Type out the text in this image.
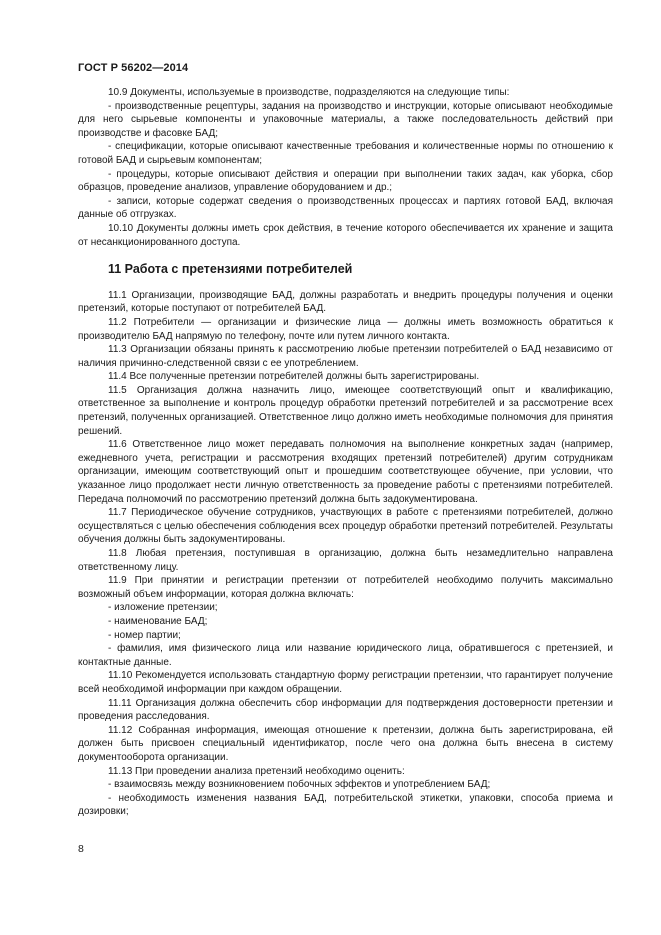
ГОСТ Р 56202—2014

10.9 Документы, используемые в производстве, подразделяются на следующие типы:

- производственные рецептуры, задания на производство и инструкции, которые описывают необходимые для него сырьевые компоненты и упаковочные материалы, а также последовательность действий при производстве и фасовке БАД;

- спецификации, которые описывают качественные требования и количественные нормы по отношению к готовой БАД и сырьевым компонентам;

- процедуры, которые описывают действия и операции при выполнении таких задач, как уборка, сбор образцов, проведение анализов, управление оборудованием и др.;

- записи, которые содержат сведения о производственных процессах и партиях готовой БАД, включая данные об отгрузках.

10.10 Документы должны иметь срок действия, в течение которого обеспечивается их хранение и защита от несанкционированного доступа.

11 Работа с претензиями потребителей

11.1 Организации, производящие БАД, должны разработать и внедрить процедуры получения и оценки претензий, которые поступают от потребителей БАД.

11.2 Потребители — организации и физические лица — должны иметь возможность обратиться к производителю БАД напрямую по телефону, почте или путем личного контакта.

11.3 Организации обязаны принять к рассмотрению любые претензии потребителей о БАД независимо от наличия причинно-следственной связи с ее употреблением.

11.4 Все полученные претензии потребителей должны быть зарегистрированы.

11.5 Организация должна назначить лицо, имеющее соответствующий опыт и квалификацию, ответственное за выполнение и контроль процедур обработки претензий потребителей и за рассмотрение всех претензий, полученных организацией. Ответственное лицо должно иметь необходимые полномочия для принятия решений.

11.6 Ответственное лицо может передавать полномочия на выполнение конкретных задач (например, ежедневного учета, регистрации и рассмотрения входящих претензий потребителей) другим сотрудникам организации, имеющим соответствующий опыт и прошедшим соответствующее обучение, при условии, что указанное лицо продолжает нести личную ответственность за проведение работы с претензиями потребителей. Передача полномочий по рассмотрению претензий должна быть задокументирована.

11.7 Периодическое обучение сотрудников, участвующих в работе с претензиями потребителей, должно осуществляться с целью обеспечения соблюдения всех процедур обработки претензий потребителей. Результаты обучения должны быть задокументированы.

11.8 Любая претензия, поступившая в организацию, должна быть незамедлительно направлена ответственному лицу.

11.9 При принятии и регистрации претензии от потребителей необходимо получить максимально возможный объем информации, которая должна включать:

- изложение претензии;

- наименование БАД;

- номер партии;

- фамилия, имя физического лица или название юридического лица, обратившегося с претензией, и контактные данные.

11.10 Рекомендуется использовать стандартную форму регистрации претензии, что гарантирует получение всей необходимой информации при каждом обращении.

11.11 Организация должна обеспечить сбор информации для подтверждения достоверности претензии и проведения расследования.

11.12 Собранная информация, имеющая отношение к претензии, должна быть зарегистрирована, ей должен быть присвоен специальный идентификатор, после чего она должна быть внесена в систему документооборота организации.

11.13 При проведении анализа претензий необходимо оценить:

- взаимосвязь между возникновением побочных эффектов и употреблением БАД;

- необходимость изменения названия БАД, потребительской этикетки, упаковки, способа приема и дозировки;

8
